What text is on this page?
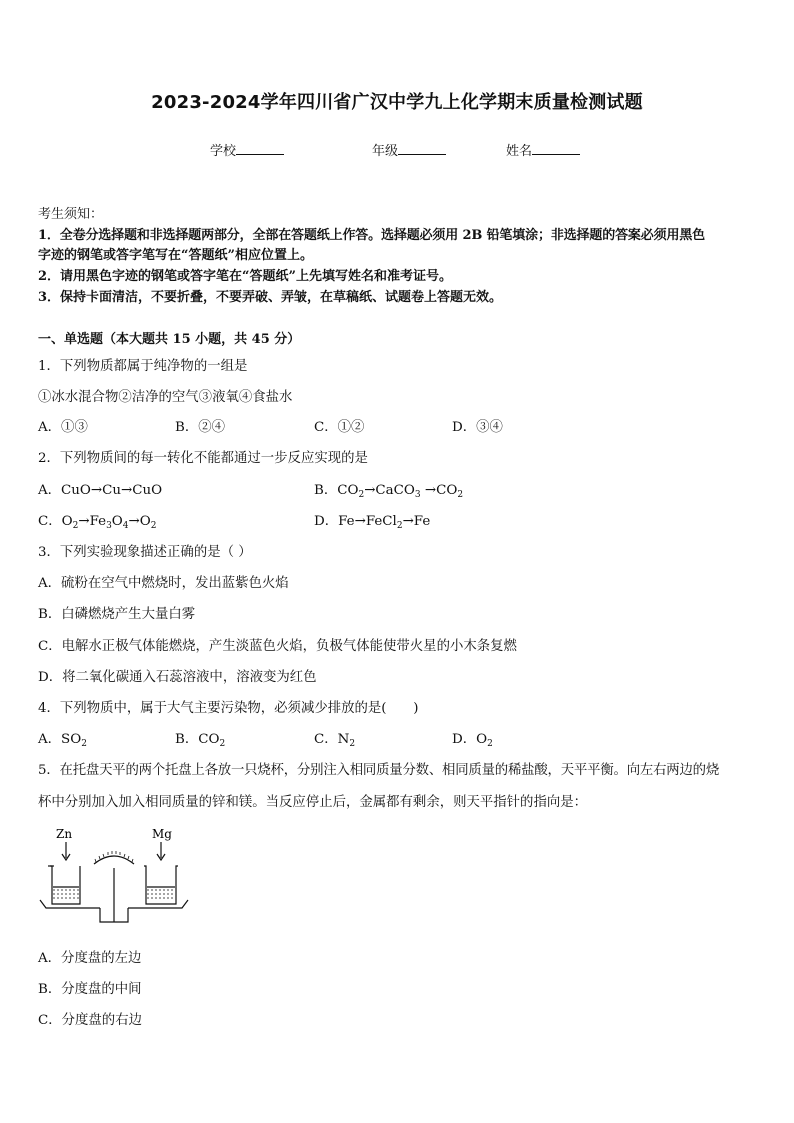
2023-2024学年四川省广汉中学九上化学期末质量检测试题
学校	年级	姓名
考生须知：
1．全卷分选择题和非选择题两部分，全部在答题纸上作答。选择题必须用 2B 铅笔填涂；非选择题的答案必须用黑色
字迹的钢笔或答字笔写在“答题纸”相应位置上。
2．请用黑色字迹的钢笔或答字笔在“答题纸”上先填写姓名和准考证号。
3．保持卡面清洁，不要折叠，不要弄破、弄皱，在草稿纸、试题卷上答题无效。
一、单选题（本大题共 15 小题，共 45 分）
1．下列物质都属于纯净物的一组是
①冰水混合物②洁净的空气③液氧④食盐水
A．①③	B．②④	C．①②	D．③④
2．下列物质间的每一转化不能都通过一步反应实现的是
A．CuO→Cu→CuO	B．$CO_2\to CaCO_3 \to CO_2$
C．$O_2\to Fe_3O_4\to O_2$	D．Fe→FeCl$_2$→Fe
3．下列实验现象描述正确的是（ ）
A．硫粉在空气中燃烧时，发出蓝紫色火焰
B．白磷燃烧产生大量白雾
C．电解水正极气体能燃烧，产生淡蓝色火焰，负极气体能使带火星的小木条复燃
D．将二氧化碳通入石蕊溶液中，溶液变为红色
4．下列物质中，属于大气主要污染物，必须减少排放的是(　　)
A．$SO_2$	B．$CO_2$	C．$N_2$	D．$O_2$
5．在托盘天平的两个托盘上各放一只烧杯，分别注入相同质量分数、相同质量的稀盐酸，天平平衡。向左右两边的烧
杯中分别加入加入相同质量的锌和镁。当反应停止后，金属都有剩余，则天平指针的指向是：
Zn	Mg
A．分度盘的左边
B．分度盘的中间
C．分度盘的右边
